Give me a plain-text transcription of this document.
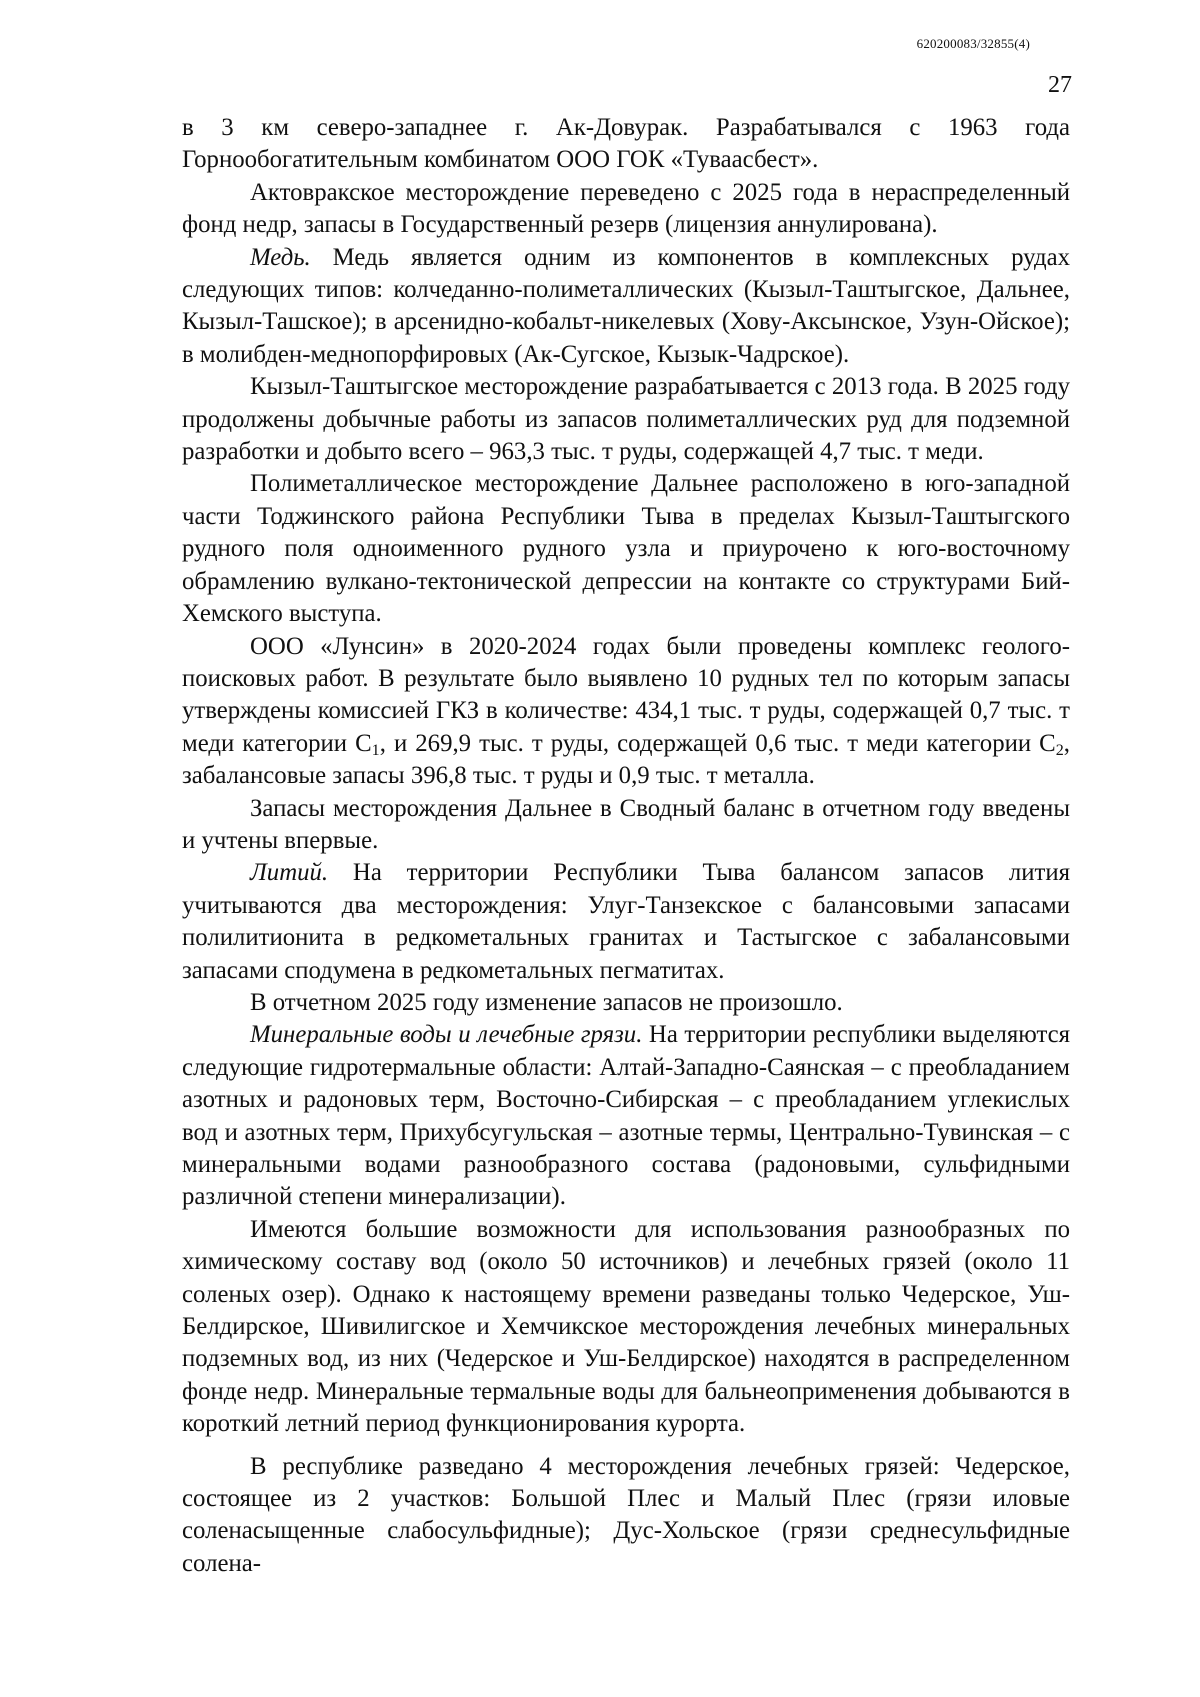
620200083/32855(4)
27

в 3 км северо-западнее г. Ак-Довурак. Разрабатывался с 1963 года Горнообогатительным комбинатом ООО ГОК «Туваасбест».

Актовракское месторождение переведено с 2025 года в нераспределенный фонд недр, запасы в Государственный резерв (лицензия аннулирована).

Медь. Медь является одним из компонентов в комплексных рудах следующих типов: колчеданно-полиметаллических (Кызыл-Таштыгское, Дальнее, Кызыл-Ташское); в арсенидно-кобальт-никелевых (Хову-Аксынское, Узун-Ойское); в молибден-меднопорфировых (Ак-Сугское, Кызык-Чадрское).

Кызыл-Таштыгское месторождение разрабатывается с 2013 года. В 2025 году продолжены добычные работы из запасов полиметаллических руд для подземной разработки и добыто всего – 963,3 тыс. т руды, содержащей 4,7 тыс. т меди.

Полиметаллическое месторождение Дальнее расположено в юго-западной части Тоджинского района Республики Тыва в пределах Кызыл-Таштыгского рудного поля одноименного рудного узла и приурочено к юго-восточному обрамлению вулкано-тектонической депрессии на контакте со структурами Бий-Хемского выступа.

ООО «Лунсин» в 2020-2024 годах были проведены комплекс геолого-поисковых работ. В результате было выявлено 10 рудных тел по которым запасы утверждены комиссией ГКЗ в количестве: 434,1 тыс. т руды, содержащей 0,7 тыс. т меди категории $С_1$, и 269,9 тыс. т руды, содержащей 0,6 тыс. т меди категории $С_2$, забалансовые запасы 396,8 тыс. т руды и 0,9 тыс. т металла.

Запасы месторождения Дальнее в Сводный баланс в отчетном году введены и учтены впервые.

Литий. На территории Республики Тыва балансом запасов лития учитываются два месторождения: Улуг-Танзекское с балансовыми запасами полилитионита в редкометальных гранитах и Тастыгское с забалансовыми запасами сподумена в редкометальных пегматитах.

В отчетном 2025 году изменение запасов не произошло.

Минеральные воды и лечебные грязи. На территории республики выделяются следующие гидротермальные области: Алтай-Западно-Саянская – с преобладанием азотных и радоновых терм, Восточно-Сибирская – с преобладанием углекислых вод и азотных терм, Прихубсугульская – азотные термы, Центрально-Тувинская – с минеральными водами разнообразного состава (радоновыми, сульфидными различной степени минерализации).

Имеются большие возможности для использования разнообразных по химическому составу вод (около 50 источников) и лечебных грязей (около 11 соленых озер). Однако к настоящему времени разведаны только Чедерское, Уш-Белдирское, Шивилигское и Хемчикское месторождения лечебных минеральных подземных вод, из них (Чедерское и Уш-Белдирское) находятся в распределенном фонде недр. Минеральные термальные воды для бальнеоприменения добываются в короткий летний период функционирования курорта.

В республике разведано 4 месторождения лечебных грязей: Чедерское, состоящее из 2 участков: Большой Плес и Малый Плес (грязи иловые соленасыщенные слабосульфидные); Дус-Хольское (грязи среднесульфидные солена-
